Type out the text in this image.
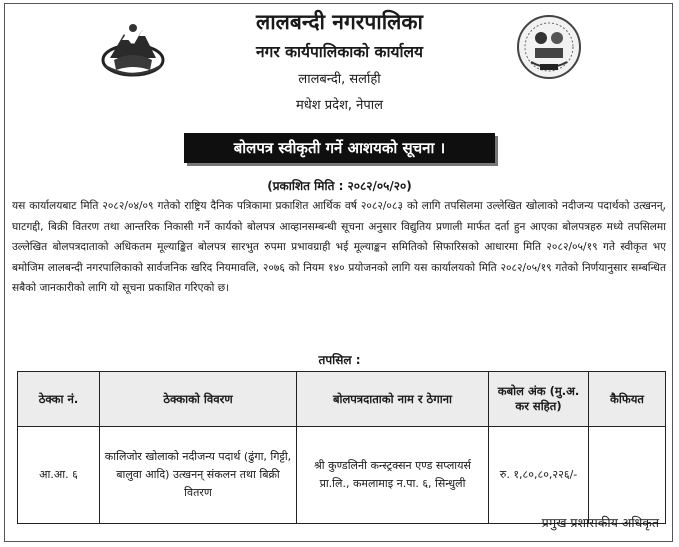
लालबन्दी नगरपालिका
नगर कार्यपालिकाको कार्यालय
लालबन्दी, सर्लाही
मधेश प्रदेश, नेपाल
बोलपत्र स्वीकृती गर्ने आशयको सूचना ।
(प्रकाशित मिति : २०८२/०५/२०)

यस कार्यालयबाट मिति २०८२/०४/०९ गतेको राष्ट्रिय दैनिक पत्रिकामा प्रकाशित आर्थिक वर्ष २०८२/०८३ को लागि तपसिलमा उल्लेखित खोलाको नदीजन्य पदार्थको उत्खनन्, घाटगद्दी, बिक्री वितरण तथा आन्तरिक निकासी गर्ने कार्यको बोलपत्र आव्हानसम्बन्धी सूचना अनुसार विद्युतिय प्रणाली मार्फत दर्ता हुन आएका बोलपत्रहरु मध्ये तपसिलमा उल्लेखित बोलपत्रदाताको अधिकतम मूल्याङ्कित बोलपत्र सारभुत रुपमा प्रभावग्राही भई मूल्याङ्कन समितिको सिफारिसको आधारमा मिति २०८२/०५/१९ गते स्वीकृत भए बमोजिम लालबन्दी नगरपालिकाको सार्वजनिक खरिद नियमावलि, २०७६ को नियम १४० प्रयोजनको लागि यस कार्यालयको मिति २०८२/०५/१९ गतेको निर्णयानुसार सम्बन्धित सबैको जानकारीको लागि यो सूचना प्रकाशित गरिएको छ।

तपसिल :
ठेक्का नं.	ठेक्काको विवरण	बोलपत्रदाताको नाम र ठेगाना	कबोल अंक (मु.अ. कर सहित)	कैफियत
आ.आ. ६	कालिजोर खोलाको नदीजन्य पदार्थ (ढुंगा, गिट्टी, बालुवा आदि) उत्खनन् संकलन तथा बिक्री वितरण	श्री कुण्डलिनी कन्स्ट्रक्सन एण्ड सप्लायर्स प्रा.लि., कमलामाइ न.पा. ६, सिन्धुली	रु. १,८०,८०,२२६/-	
प्रमुख प्रशासकीय अधिकृत
